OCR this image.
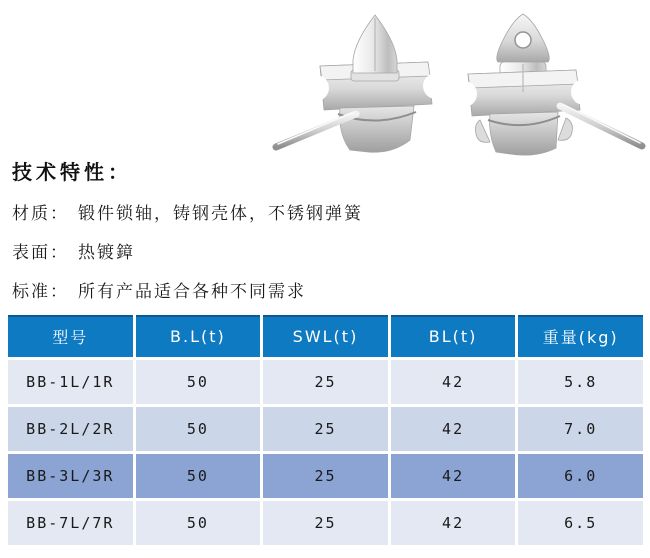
技术特性：
材质： 锻件锁轴，铸钢壳体，不锈钢弹簧
表面： 热镀鏱
标准： 所有产品适合各种不同需求
型号	B.L(t)	SWL(t)	BL(t)	重量(kg)
BB-1L/1R	50	25	42	5.8
BB-2L/2R	50	25	42	7.0
BB-3L/3R	50	25	42	6.0
BB-7L/7R	50	25	42	6.5
